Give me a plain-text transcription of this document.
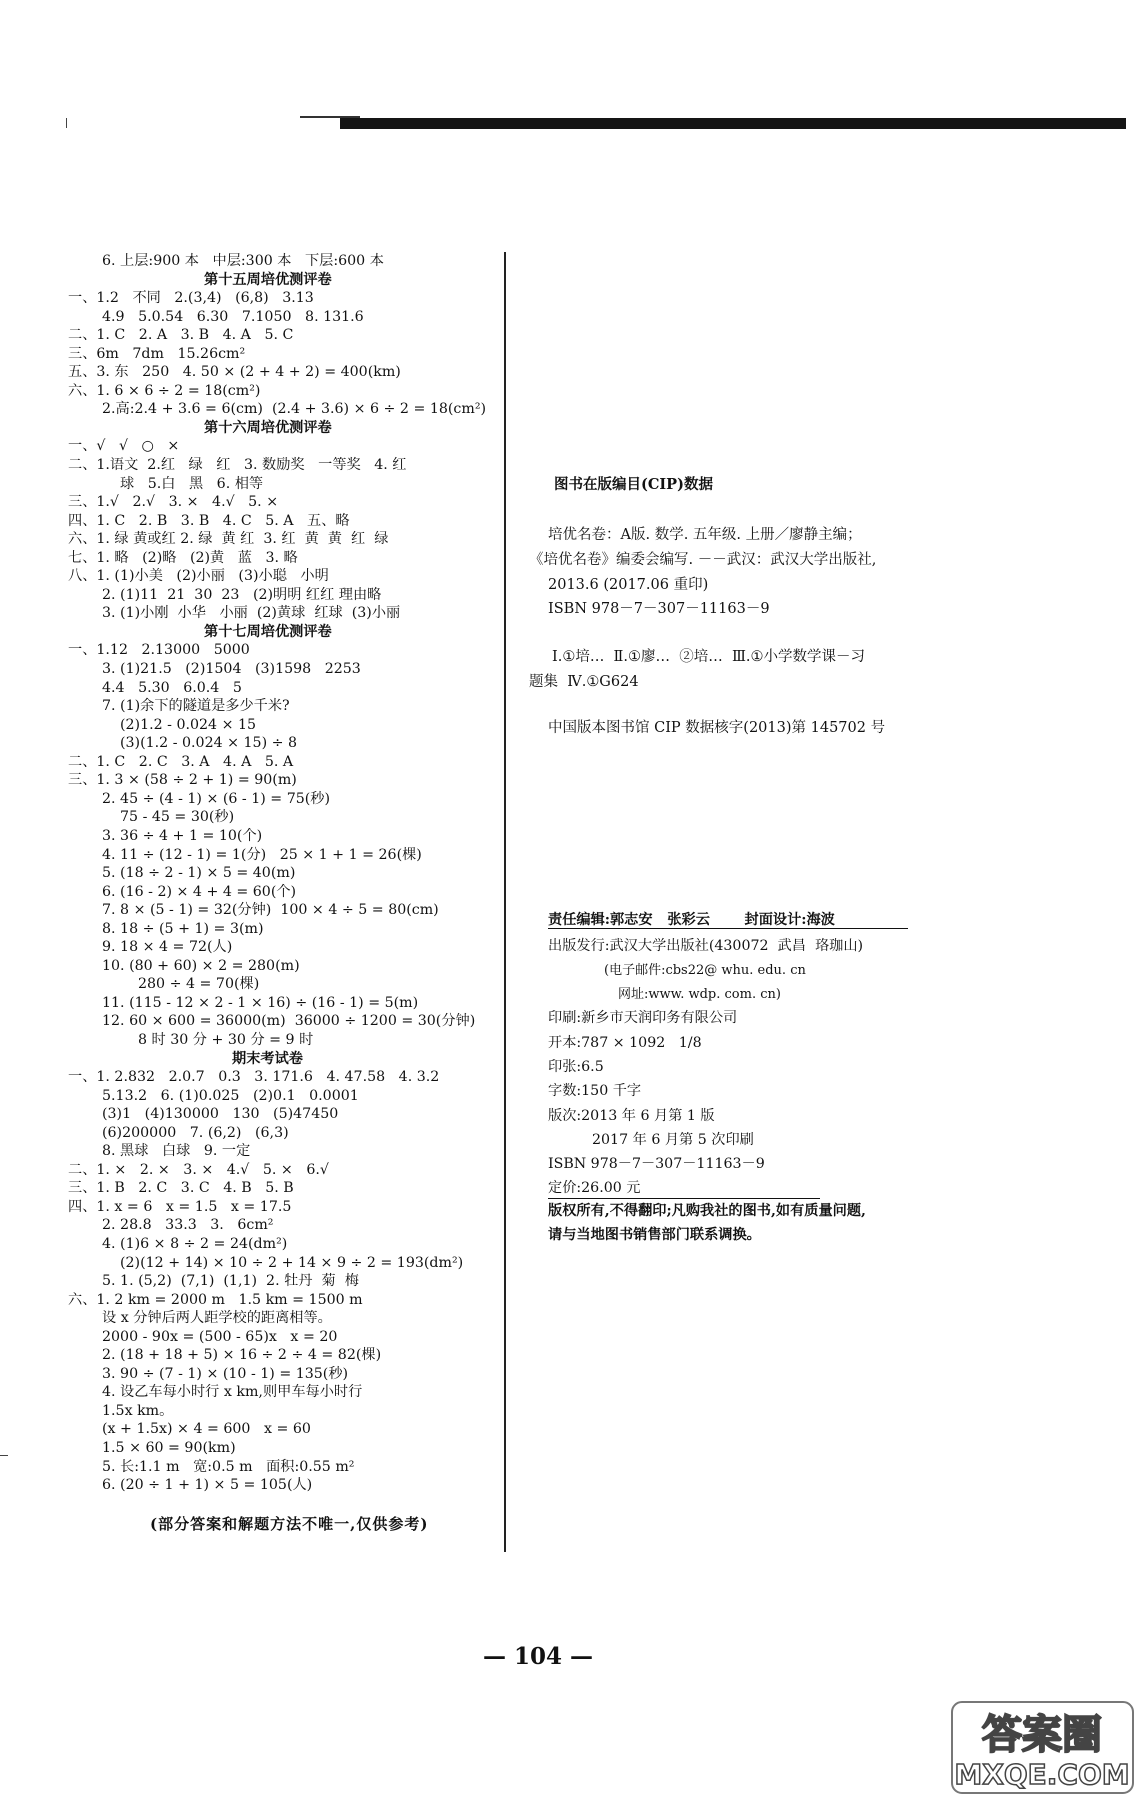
6. 上层:900 本   中层:300 本   下层:600 本
第十五周培优测评卷
一、1.2   不同   2.(3,4)   (6,8)   3.13
4.9   5.0.54   6.30   7.1050   8. 131.6
二、1. C   2. A   3. B   4. A   5. C
三、6m   7dm   15.26cm²
五、3. 东   250   4. 50 × (2 + 4 + 2) = 400(km)
六、1. 6 × 6 ÷ 2 = 18(cm²)
2.高:2.4 + 3.6 = 6(cm)  (2.4 + 3.6) × 6 ÷ 2 = 18(cm²)
第十六周培优测评卷
一、√   √   ○   ×
二、1.语文  2.红   绿   红   3. 数励奖   一等奖   4. 红
球   5.白   黑   6. 相等
三、1.√   2.√   3. ×   4.√   5. ×
四、1. C   2. B   3. B   4. C   5. A   五、略
六、1. 绿 黄或红 2. 绿  黄 红  3. 红  黄  黄  红  绿
七、1. 略   (2)略   (2)黄   蓝   3. 略
八、1. (1)小美   (2)小丽   (3)小聪   小明
2. (1)11  21  30  23   (2)明明 红红 理由略
3. (1)小刚  小华   小丽  (2)黄球  红球  (3)小丽
第十七周培优测评卷
一、1.12   2.13000   5000
3. (1)21.5   (2)1504   (3)1598   2253
4.4   5.30   6.0.4   5
7. (1)余下的隧道是多少千米?
(2)1.2 - 0.024 × 15
(3)(1.2 - 0.024 × 15) ÷ 8
二、1. C   2. C   3. A   4. A   5. A
三、1. 3 × (58 ÷ 2 + 1) = 90(m)
2. 45 ÷ (4 - 1) × (6 - 1) = 75(秒)
75 - 45 = 30(秒)
3. 36 ÷ 4 + 1 = 10(个)
4. 11 ÷ (12 - 1) = 1(分)   25 × 1 + 1 = 26(棵)
5. (18 ÷ 2 - 1) × 5 = 40(m)
6. (16 - 2) × 4 + 4 = 60(个)
7. 8 × (5 - 1) = 32(分钟)  100 × 4 ÷ 5 = 80(cm)
8. 18 ÷ (5 + 1) = 3(m)
9. 18 × 4 = 72(人)
10. (80 + 60) × 2 = 280(m)
280 ÷ 4 = 70(棵)
11. (115 - 12 × 2 - 1 × 16) ÷ (16 - 1) = 5(m)
12. 60 × 600 = 36000(m)  36000 ÷ 1200 = 30(分钟)
8 时 30 分 + 30 分 = 9 时
期末考试卷
一、1. 2.832   2.0.7   0.3   3. 171.6   4. 47.58   4. 3.2
5.13.2   6. (1)0.025   (2)0.1   0.0001
(3)1   (4)130000   130   (5)47450
(6)200000   7. (6,2)   (6,3)
8. 黑球   白球   9. 一定
二、1. ×   2. ×   3. ×   4.√   5. ×   6.√
三、1. B   2. C   3. C   4. B   5. B
四、1. x = 6   x = 1.5   x = 17.5
2. 28.8   33.3   3.   6cm²
4. (1)6 × 8 ÷ 2 = 24(dm²)
(2)(12 + 14) × 10 ÷ 2 + 14 × 9 ÷ 2 = 193(dm²)
5. 1. (5,2)  (7,1)  (1,1)  2. 牡丹  菊  梅
六、1. 2 km = 2000 m   1.5 km = 1500 m
设 x 分钟后两人距学校的距离相等。
2000 - 90x = (500 - 65)x   x = 20
2. (18 + 18 + 5) × 16 ÷ 2 ÷ 4 = 82(棵)
3. 90 ÷ (7 - 1) × (10 - 1) = 135(秒)
4. 设乙车每小时行 x km,则甲车每小时行
1.5x km。
(x + 1.5x) × 4 = 600   x = 60
1.5 × 60 = 90(km)
5. 长:1.1 m   宽:0.5 m   面积:0.55 m²
6. (20 ÷ 1 + 1) × 5 = 105(人)
(部分答案和解题方法不唯一,仅供参考)
图书在版编目(CIP)数据
培优名卷：A版. 数学. 五年级. 上册／廖静主编；
《培优名卷》编委会编写. －－武汉：武汉大学出版社,
2013.6 (2017.06 重印)
ISBN 978－7－307－11163－9
Ⅰ.①培…  Ⅱ.①廖…  ②培…  Ⅲ.①小学数学课－习
题集  Ⅳ.①G624
中国版本图书馆 CIP 数据核字(2013)第 145702 号
责任编辑:郭志安   张彩云       封面设计:海波
出版发行:武汉大学出版社(430072  武昌  珞珈山)
(电子邮件:cbs22@ whu. edu. cn
网址:www. wdp. com. cn)
印刷:新乡市天润印务有限公司
开本:787 × 1092   1/8
印张:6.5
字数:150 千字
版次:2013 年 6 月第 1 版
2017 年 6 月第 5 次印刷
ISBN 978－7－307－11163－9
定价:26.00 元
版权所有,不得翻印;凡购我社的图书,如有质量问题,
请与当地图书销售部门联系调换。
— 104 —
答案圈
MXQE.COM
